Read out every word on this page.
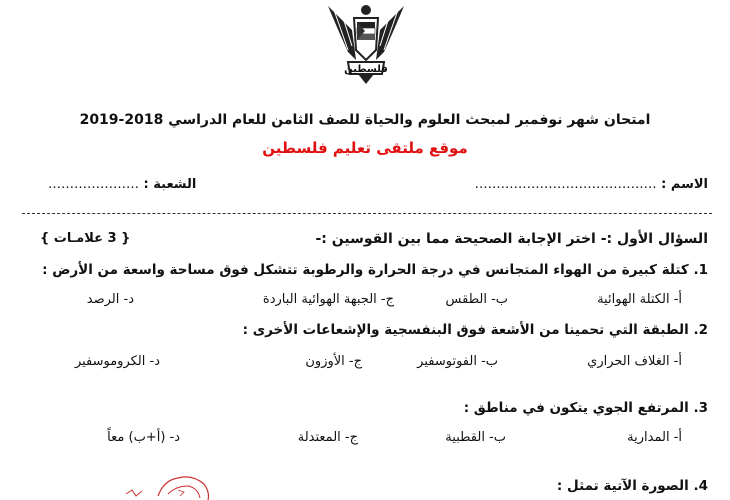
فلسطين
امتحان شهر نوفمبر لمبحث العلوم والحياة للصف الثامن للعام الدراسي 2018-2019
موقع ملتقى تعليم فلسطين
الاسم : ……………………………………
الشعبة : …………………
السؤال الأول :- اختر الإجابة الصحيحة مما بين القوسين :-
{ 3 علامـات }
1. كتلة كبيرة من الهواء المتجانس في درجة الحرارة والرطوبة تتشكل فوق مساحة واسعة من الأرض :
أ- الكتلة الهوائية
ب- الطقس
ج- الجبهة الهوائية الباردة
د- الرصد
2. الطبقة التي تحمينا من الأشعة فوق البنفسجية والإشعاعات الأخرى :
أ- الغلاف الحراري
ب- الفوتوسفير
ج- الأوزون
د- الكروموسفير
3. المرتفع الجوي يتكون في مناطق :
أ- المدارية
ب- القطبية
ج- المعتدلة
د- (أ+ب) معاً
4. الصورة الآتية تمثل :
